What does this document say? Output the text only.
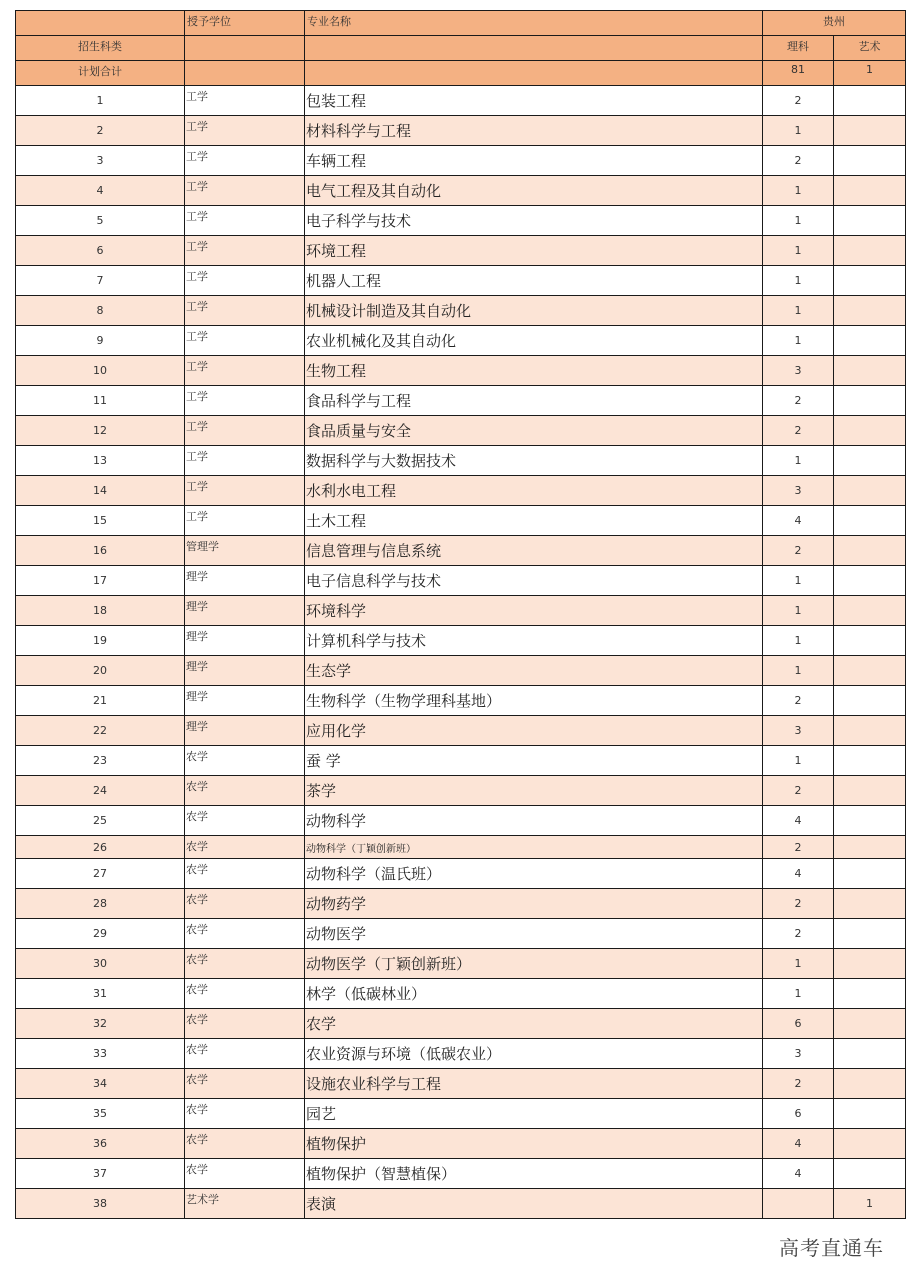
	授予学位	专业名称	贵州	

招生科类			理科	艺术

计划合计			81	1

1	工学	包装工程	2	
2	工学	材料科学与工程	1	
3	工学	车辆工程	2	
4	工学	电气工程及其自动化	1	
5	工学	电子科学与技术	1	
6	工学	环境工程	1	
7	工学	机器人工程	1	
8	工学	机械设计制造及其自动化	1	
9	工学	农业机械化及其自动化	1	
10	工学	生物工程	3	
11	工学	食品科学与工程	2	
12	工学	食品质量与安全	2	
13	工学	数据科学与大数据技术	1	
14	工学	水利水电工程	3	
15	工学	土木工程	4	
16	管理学	信息管理与信息系统	2	
17	理学	电子信息科学与技术	1	
18	理学	环境科学	1	
19	理学	计算机科学与技术	1	
20	理学	生态学	1	
21	理学	生物科学（生物学理科基地）	2	
22	理学	应用化学	3	
23	农学	蚕 学	1	
24	农学	茶学	2	
25	农学	动物科学	4	
26	农学	动物科学（丁颖创新班）	2	
27	农学	动物科学（温氏班）	4	
28	农学	动物药学	2	
29	农学	动物医学	2	
30	农学	动物医学（丁颖创新班）	1	
31	农学	林学（低碳林业）	1	
32	农学	农学	6	
33	农学	农业资源与环境（低碳农业）	3	
34	农学	设施农业科学与工程	2	
35	农学	园艺	6	
36	农学	植物保护	4	
37	农学	植物保护（智慧植保）	4	
38	艺术学	表演		1
高考直通车
